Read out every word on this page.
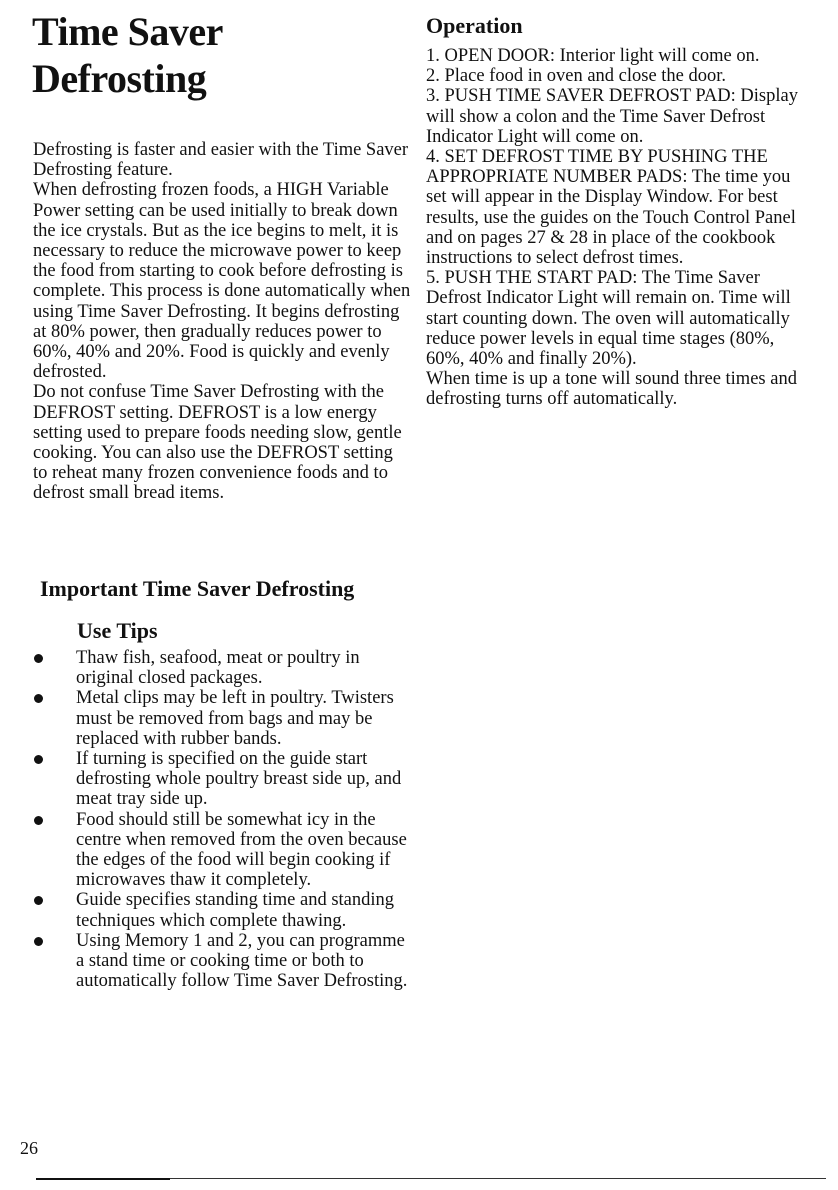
Time Saver
Defrosting

Defrosting is faster and easier with the Time Saver Defrosting feature.

When defrosting frozen foods, a HIGH Variable Power setting can be used initially to break down the ice crystals. But as the ice begins to melt, it is necessary to reduce the microwave power to keep the food from starting to cook before defrosting is complete. This process is done automatically when using Time Saver Defrosting. It begins defrosting at 80% power, then gradually reduces power to 60%, 40% and 20%. Food is quickly and evenly defrosted.

Do not confuse Time Saver Defrosting with the DEFROST setting. DEFROST is a low energy setting used to prepare foods needing slow, gentle cooking. You can also use the DEFROST setting to reheat many frozen convenience foods and to defrost small bread items.

Important Time Saver Defrosting
Use Tips
Thaw fish, seafood, meat or poultry in original closed packages.
Metal clips may be left in poultry. Twisters must be removed from bags and may be replaced with rubber bands.
If turning is specified on the guide start defrosting whole poultry breast side up, and meat tray side up.
Food should still be somewhat icy in the centre when removed from the oven because the edges of the food will begin cooking if microwaves thaw it completely.
Guide specifies standing time and standing techniques which complete thawing.
Using Memory 1 and 2, you can programme a stand time or cooking time or both to automatically follow Time Saver Defrosting.
Operation
1. OPEN DOOR: Interior light will come on.
2. Place food in oven and close the door.
3. PUSH TIME SAVER DEFROST PAD: Display will show a colon and the Time Saver Defrost Indicator Light will come on.
4. SET DEFROST TIME BY PUSHING THE APPROPRIATE NUMBER PADS: The time you set will appear in the Display Window. For best results, use the guides on the Touch Control Panel and on pages 27 & 28 in place of the cookbook instructions to select defrost times.
5. PUSH THE START PAD: The Time Saver Defrost Indicator Light will remain on. Time will start counting down. The oven will automatically reduce power levels in equal time stages (80%, 60%, 40% and finally 20%).

When time is up a tone will sound three times and defrosting turns off automatically.

26
